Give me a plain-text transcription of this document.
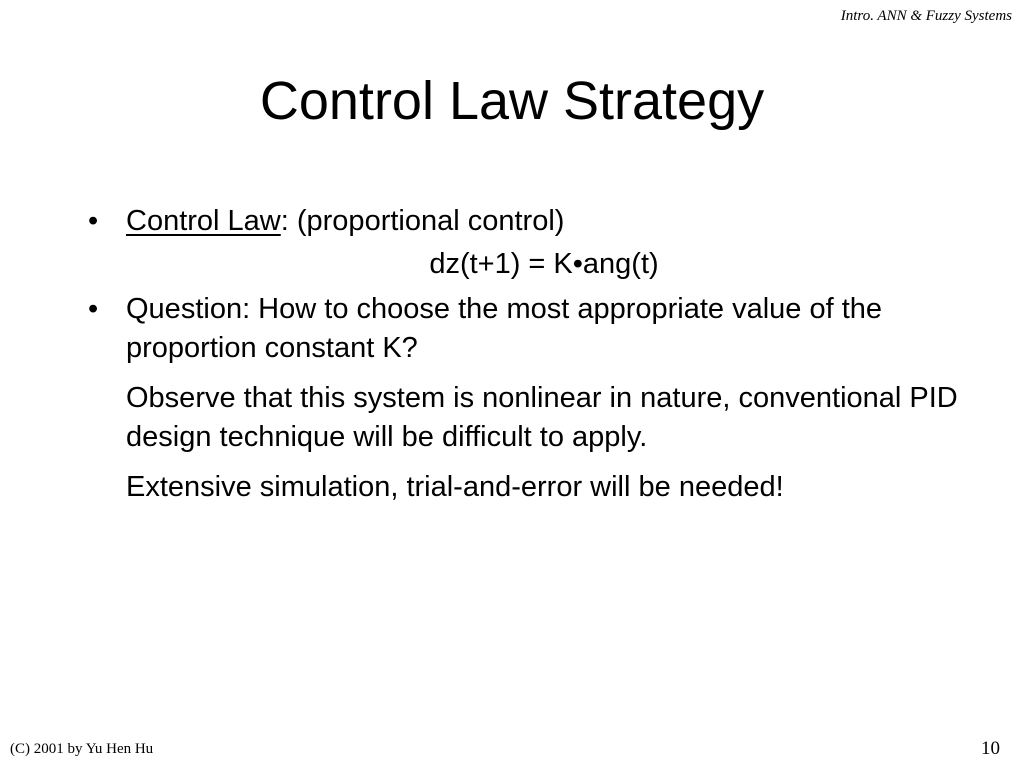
Intro. ANN & Fuzzy Systems
Control Law Strategy
• Control Law: (proportional control)
dz(t+1) = K•ang(t)
• Question: How to choose the most appropriate value of the proportion constant K?
Observe that this system is nonlinear in nature, conventional PID design technique will be difficult to apply.
Extensive simulation, trial-and-error will be needed!
(C) 2001 by Yu Hen Hu	10
